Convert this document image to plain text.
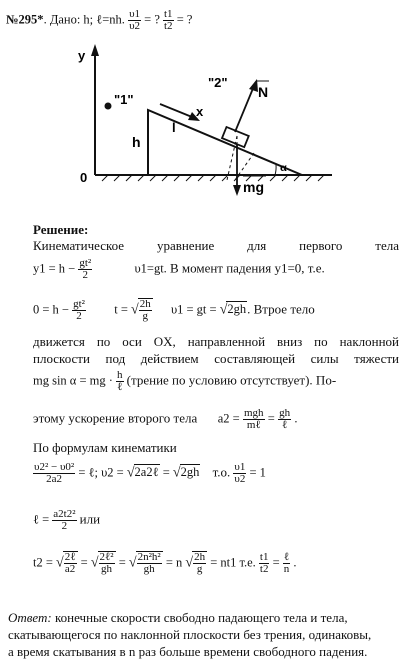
№295*. Дано: h; ℓ=nh. $\frac{\upsilon 1}{\upsilon 2}$ = ? $\frac{t1}{t2}$ = ?
y
0
"1"
"2"
h
l
x
N
mg
α
Решение:
Кинематическое уравнение для первого тела
$y1 = h - \frac{\text{gt²}}{2}$	υ1=gt. В момент падения y1=0, т.е.
$0 = h - \frac{\text{gt²}}{2}$ t = √ $\frac{2h}{g} \upsilon 1$ = gt = √2gh. Втрое тело
движется по оси OX, направленной вниз по наклонной
плоскости под действием составляющей силы тяжести
mg sin α = mg · $\frac{h}{\text{ℓ}}$ (трение по условию отсутствует). По-
этому ускорение второго тела $a2 = \frac{\text{mgh}}{\text{mℓ}} = \frac{gh}{\text{ℓ}}$ .
По формулам кинематики
$\frac{\text{υ2² − υ0²}}{2a2}$ = ℓ; υ2 = √2a2ℓ = √2gh т.о. $\frac{\upsilon 1}{\upsilon 2} = 1$
ℓ = $\frac{\text{a2t2²}}{2}$ или
t2 = √ $\frac{\text{2ℓ}}{a2}$ = √ $\frac{\text{2ℓ²}}{gh}$ = √ $\frac{\text{2n²h²}}{gh} = n$ √ $\frac{2h}{g} = nt1$ т.е. $\frac{t1}{t2} = \frac{\text{ℓ}}{n}$ .
Ответ: конечные скорости свободно падающего тела и тела,
скатывающегося по наклонной плоскости без трения, одинаковы,
а время скатывания в n раз больше времени свободного падения.
